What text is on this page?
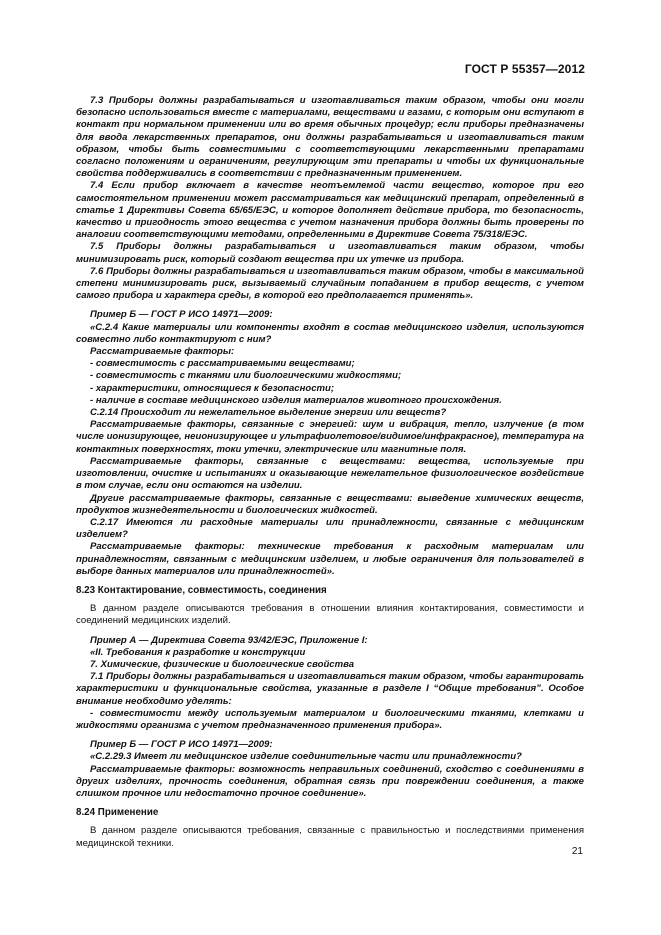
ГОСТ Р 55357—2012

7.3 Приборы должны разрабатываться и изготавливаться таким образом, чтобы они могли безопасно использоваться вместе с материалами, веществами и газами, с которым они вступают в контакт при нормальном применении или во время обычных процедур; если приборы предназначены для ввода лекарственных препаратов, они должны разрабатываться и изготавливаться таким образом, чтобы быть совместимыми с соответствующими лекарственными препаратами согласно положениям и ограничениям, регулирующим эти препараты и чтобы их функциональные свойства поддерживались в соответствии с предназначенным применением.

7.4 Если прибор включает в качестве неотъемлемой части вещество, которое при его самостоятельном применении может рассматриваться как медицинский препарат, определенный в статье 1 Директивы Совета 65/65/ЕЭС, и которое дополняет действие прибора, то безопасность, качество и пригодность этого вещества с учетом назначения прибора должны быть проверены по аналогии соответствующими методами, определенными в Директиве Совета 75/318/ЕЭС.

7.5 Приборы должны разрабатываться и изготавливаться таким образом, чтобы минимизировать риск, который создают вещества при их утечке из прибора.

7.6 Приборы должны разрабатываться и изготавливаться таким образом, чтобы в максимальной степени минимизировать риск, вызываемый случайным попаданием в прибор веществ, с учетом самого прибора и характера среды, в которой его предполагается применять».

Пример Б — ГОСТ Р ИСО 14971—2009:

«С.2.4 Какие материалы или компоненты входят в состав медицинского изделия, используются совместно либо контактируют с ним?

Рассматриваемые факторы:

- совместимость с рассматриваемыми веществами;

- совместимость с тканями или биологическими жидкостями;

- характеристики, относящиеся к безопасности;

- наличие в составе медицинского изделия материалов животного происхождения.

С.2.14 Происходит ли нежелательное выделение энергии или веществ?

Рассматриваемые факторы, связанные с энергией: шум и вибрация, тепло, излучение (в том числе ионизирующее, неионизирующее и ультрафиолетовое/видимое/инфракрасное), температура на контактных поверхностях, токи утечки, электрические или магнитные поля.

Рассматриваемые факторы, связанные с веществами: вещества, используемые при изготовлении, очистке и испытаниях и оказывающие нежелательное физиологическое воздействие в том случае, если они остаются на изделии.

Другие рассматриваемые факторы, связанные с веществами: выведение химических веществ, продуктов жизнедеятельности и биологических жидкостей.

С.2.17 Имеются ли расходные материалы или принадлежности, связанные с медицинским изделием?

Рассматриваемые факторы: технические требования к расходным материалам или принадлежностям, связанным с медицинским изделием, и любые ограничения для пользователей в выборе данных материалов или принадлежностей».

8.23 Контактирование, совместимость, соединения

В данном разделе описываются требования в отношении влияния контактирования, совместимости и соединений медицинских изделий.

Пример А — Директива Совета 93/42/ЕЭС, Приложение I:

«II. Требования к разработке и конструкции

7. Химические, физические и биологические свойства

7.1 Приборы должны разрабатываться и изготавливаться таким образом, чтобы гарантировать характеристики и функциональные свойства, указанные в разделе I “Общие требования”. Особое внимание необходимо уделять:

- совместимости между используемым материалом и биологическими тканями, клетками и жидкостями организма с учетом предназначенного применения прибора».

Пример Б — ГОСТ Р ИСО 14971—2009:

«С.2.29.3 Имеет ли медицинское изделие соединительные части или принадлежности?

Рассматриваемые факторы: возможность неправильных соединений, сходство с соединениями в других изделиях, прочность соединения, обратная связь при повреждении соединения, а также слишком прочное или недостаточно прочное соединение».

8.24 Применение

В данном разделе описываются требования, связанные с правильностью и последствиями применения медицинской техники.

21
